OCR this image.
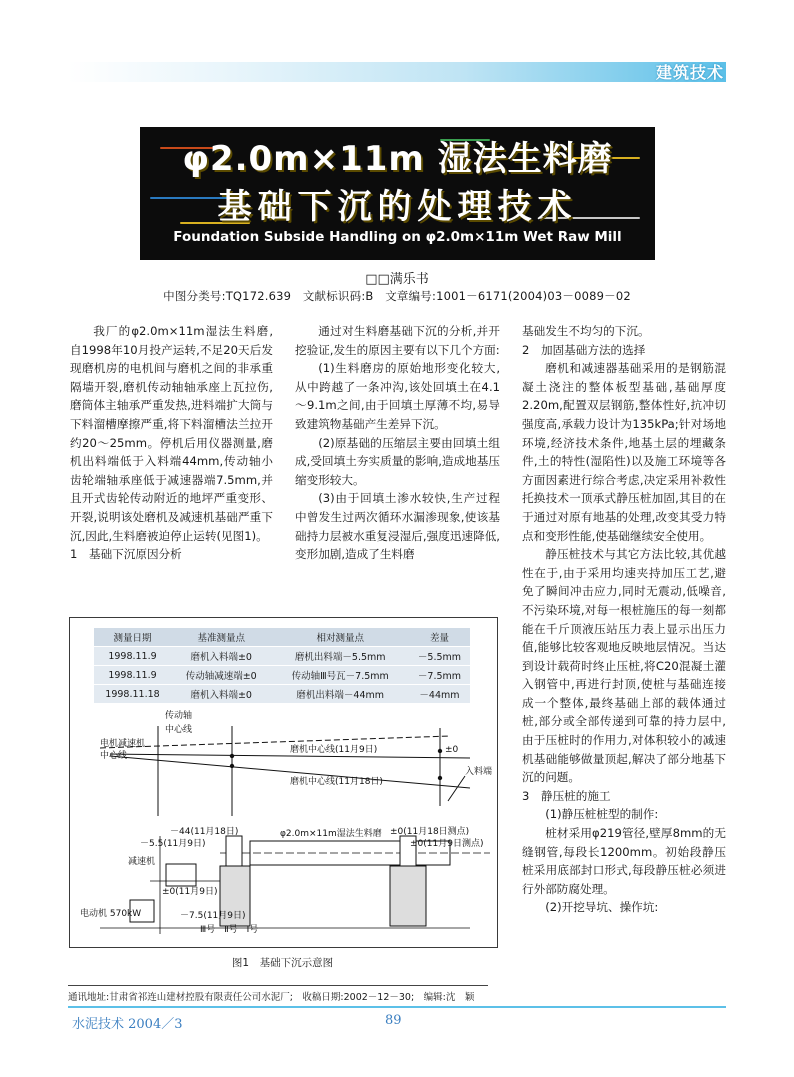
建筑技术
φ2.0m×11m 湿法生料磨
基础下沉的处理技术
Foundation Subside Handling on φ2.0m×11m Wet Raw Mill
□□满乐书
中图分类号:TQ172.639　文献标识码:B　文章编号:1001－6171(2004)03－0089－02

我厂的φ2.0m×11m湿法生料磨,自1998年10月投产运转,不足20天后发现磨机房的电机间与磨机之间的非承重隔墙开裂,磨机传动轴轴承座上瓦拉伤,磨筒体主轴承严重发热,进料端扩大筒与下料溜槽摩擦严重,将下料溜槽法兰拉开约20～25mm。停机后用仪器测量,磨机出料端低于入料端44mm,传动轴小齿轮端轴承座低于减速器端7.5mm,并且开式齿轮传动附近的地坪严重变形、开裂,说明该处磨机及减速机基础严重下沉,因此,生料磨被迫停止运转(见图1)。

1　基础下沉原因分析

通过对生料磨基础下沉的分析,并开挖验证,发生的原因主要有以下几个方面:

(1)生料磨房的原始地形变化较大,从中跨越了一条冲沟,该处回填土在4.1～9.1m之间,由于回填土厚薄不均,易导致建筑物基础产生差异下沉。

(2)原基础的压缩层主要由回填土组成,受回填土夯实质量的影响,造成地基压缩变形较大。

(3)由于回填土渗水较快,生产过程中曾发生过两次循环水漏渗现象,使该基础持力层被水重复浸湿后,强度迅速降低,变形加剧,造成了生料磨

基础发生不均匀的下沉。

2　加固基础方法的选择

磨机和减速器基础采用的是钢筋混凝土浇注的整体板型基础,基础厚度2.20m,配置双层钢筋,整体性好,抗冲切强度高,承载力设计为135kPa;针对场地环境,经济技术条件,地基土层的埋藏条件,土的特性(湿陷性)以及施工环境等各方面因素进行综合考虑,决定采用补救性托换技术一顶承式静压桩加固,其目的在于通过对原有地基的处理,改变其受力特点和变形性能,使基础继续安全使用。

静压桩技术与其它方法比较,其优越性在于,由于采用均速夹持加压工艺,避免了瞬间冲击应力,同时无震动,低噪音,不污染环境,对每一根桩施压的每一刻都能在千斤顶液压站压力表上显示出压力值,能够比较客观地反映地层情况。当达到设计载荷时终止压桩,将C20混凝土灌入钢管中,再进行封顶,使桩与基础连接成一个整体,最终基础上部的载体通过桩,部分或全部传递到可靠的持力层中,由于压桩时的作用力,对体积较小的减速机基础能够做量顶起,解决了部分地基下沉的问题。

3　静压桩的施工

(1)静压桩桩型的制作:

桩材采用φ219管径,壁厚8mm的无缝钢管,每段长1200mm。初始段静压桩采用底部封口形式,每段静压桩必须进行外部防腐处理。

(2)开挖导坑、操作坑:

测量日期	基准测量点	相对测量点	差量
1998.11.9	磨机入料端±0	磨机出料端－5.5mm	－5.5mm
1998.11.9	传动轴减速端±0	传动轴Ⅲ号瓦－7.5mm	－7.5mm
1998.11.18	磨机入料端±0	磨机出料端－44mm	－44mm
传动轴
中心线
电机减速机
中心线
磨机中心线(11月9日)
磨机中心线(11月18日)
±0
入料端
φ2.0m×11m湿法生料磨
－44(11月18日)
－5.5(11月9日)
±0(11月18日测点)
±0(11月9日测点)
减速机
±0(11月9日)
电动机 570kW	－7.5(11月9日)
Ⅲ号　Ⅱ号　Ⅰ号
图1　基础下沉示意图
通讯地址:甘肃省祁连山建材控股有限责任公司水泥厂;　收稿日期:2002－12－30;　编辑:沈　颖
水泥技术 2004／3	89
